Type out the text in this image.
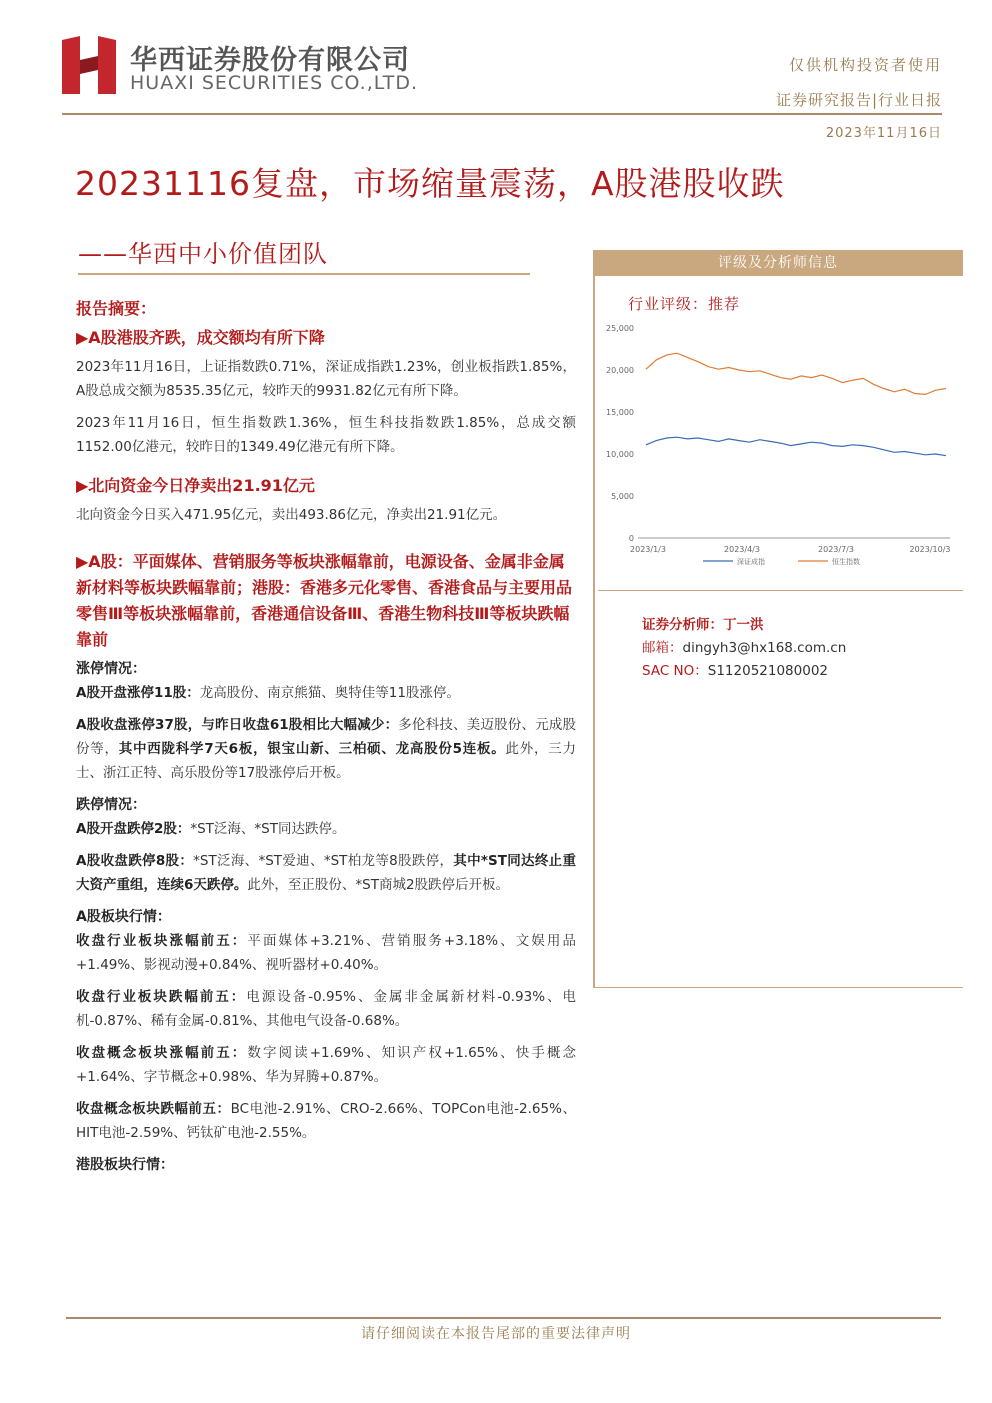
华西证券股份有限公司
HUAXI SECURITIES CO.,LTD.
仅供机构投资者使用
证券研究报告|行业日报
2023年11月16日
20231116复盘，市场缩量震荡，A股港股收跌
——华西中小价值团队
报告摘要：
▶A股港股齐跌，成交额均有所下降

2023年11月16日，上证指数跌0.71%，深证成指跌1.23%，创业板指跌1.85%，A股总成交额为8535.35亿元，较昨天的9931.82亿元有所下降。

2023年11月16日，恒生指数跌1.36%，恒生科技指数跌1.85%，总成交额1152.00亿港元，较昨日的1349.49亿港元有所下降。

▶北向资金今日净卖出21.91亿元

北向资金今日买入471.95亿元，卖出493.86亿元，净卖出21.91亿元。

▶A股：平面媒体、营销服务等板块涨幅靠前，电源设备、金属非金属新材料等板块跌幅靠前；港股：香港多元化零售、香港食品与主要用品零售Ⅲ等板块涨幅靠前，香港通信设备Ⅲ、香港生物科技Ⅲ等板块跌幅靠前

涨停情况：

A股开盘涨停11股：龙高股份、南京熊猫、奥特佳等11股涨停。

A股收盘涨停37股，与昨日收盘61股相比大幅减少：多伦科技、美迈股份、元成股份等，其中西陇科学7天6板，银宝山新、三柏硕、龙高股份5连板。此外，三力士、浙江正特、高乐股份等17股涨停后开板。

跌停情况：

A股开盘跌停2股：*ST泛海、*ST同达跌停。

A股收盘跌停8股：*ST泛海、*ST爱迪、*ST柏龙等8股跌停，其中*ST同达终止重大资产重组，连续6天跌停。此外，至正股份、*ST商城2股跌停后开板。

A股板块行情：

收盘行业板块涨幅前五：平面媒体+3.21%、营销服务+3.18%、文娱用品+1.49%、影视动漫+0.84%、视听器材+0.40%。

收盘行业板块跌幅前五：电源设备-0.95%、金属非金属新材料-0.93%、电机-0.87%、稀有金属-0.81%、其他电气设备-0.68%。

收盘概念板块涨幅前五：数字阅读+1.69%、知识产权+1.65%、快手概念+1.64%、字节概念+0.98%、华为昇腾+0.87%。

收盘概念板块跌幅前五：BC电池-2.91%、CRO-2.66%、TOPCon电池-2.65%、HIT电池-2.59%、钙钛矿电池-2.55%。

港股板块行情：

评级及分析师信息
行业评级：推荐
25,000
20,000
15,000
10,000
5,000
0
2023/1/3	2023/4/3	2023/7/3	2023/10/3
深证成指	恒生指数
证券分析师：丁一洪
邮箱：dingyh3@hx168.com.cn
SAC NO：S1120521080002
请仔细阅读在本报告尾部的重要法律声明
